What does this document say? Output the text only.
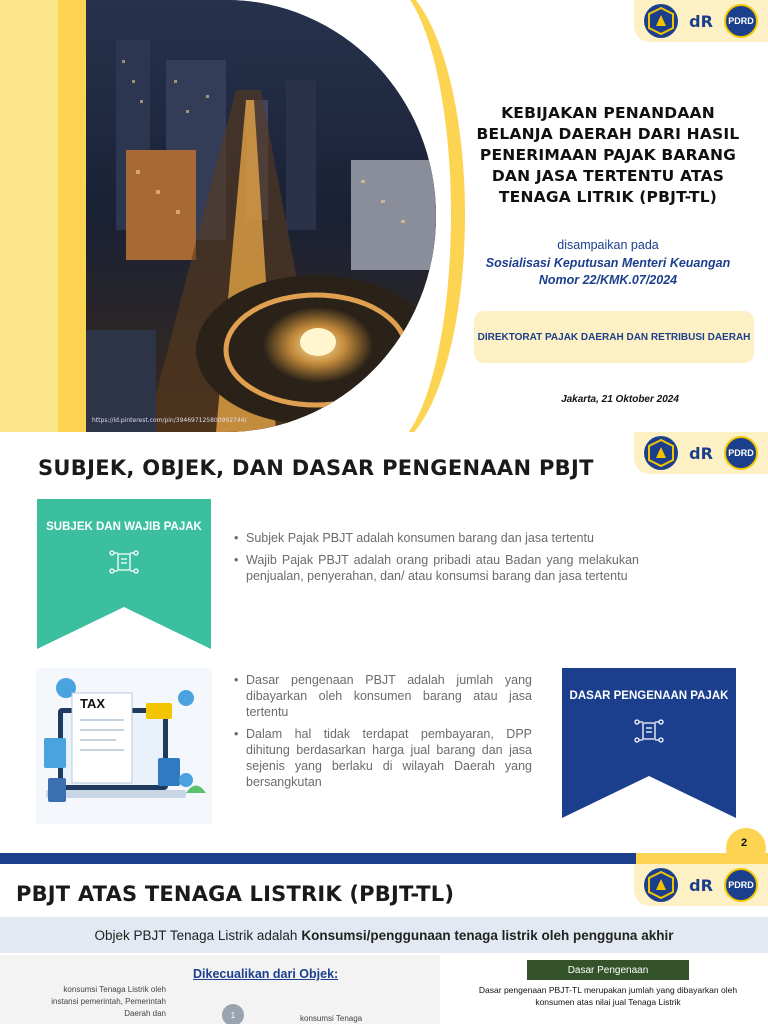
https://id.pinterest.com/pin/394697125800992744/
dR	PDRD
KEBIJAKAN PENANDAAN BELANJA DAERAH DARI HASIL PENERIMAAN PAJAK BARANG DAN JASA TERTENTU ATAS TENAGA LITRIK (PBJT-TL)
disampaikan pada
Sosialisasi Keputusan Menteri Keuangan Nomor 22/KMK.07/2024
DIREKTORAT PAJAK DAERAH DAN RETRIBUSI DAERAH
Jakarta, 21 Oktober 2024
SUBJEK, OBJEK, DAN DASAR PENGENAAN PBJT
dR	PDRD
SUBJEK DAN WAJIB PAJAK
• Subjek Pajak PBJT adalah konsumen barang dan jasa tertentu
• Wajib Pajak PBJT adalah orang pribadi atau Badan yang melakukan penjualan, penyerahan, dan/ atau konsumsi barang dan jasa tertentu
TAX
• Dasar pengenaan PBJT adalah jumlah yang dibayarkan oleh konsumen barang atau jasa tertentu
• Dalam hal tidak terdapat pembayaran, DPP dihitung berdasarkan harga jual barang dan jasa sejenis yang berlaku di wilayah Daerah yang bersangkutan
DASAR PENGENAAN PAJAK
2
PBJT ATAS TENAGA LISTRIK (PBJT-TL)	dR	PDRD
Objek PBJT Tenaga Listrik adalah Konsumsi/penggunaan tenaga listrik oleh pengguna akhir
Dikecualikan dari Objek:
konsumsi Tenaga Listrik oleh instansi pemerintah, Pemerintah Daerah dan	1	konsumsi Tenaga
Dasar Pengenaan
Dasar pengenaan PBJT-TL merupakan jumlah yang dibayarkan oleh konsumen atas nilai jual Tenaga Listrik
